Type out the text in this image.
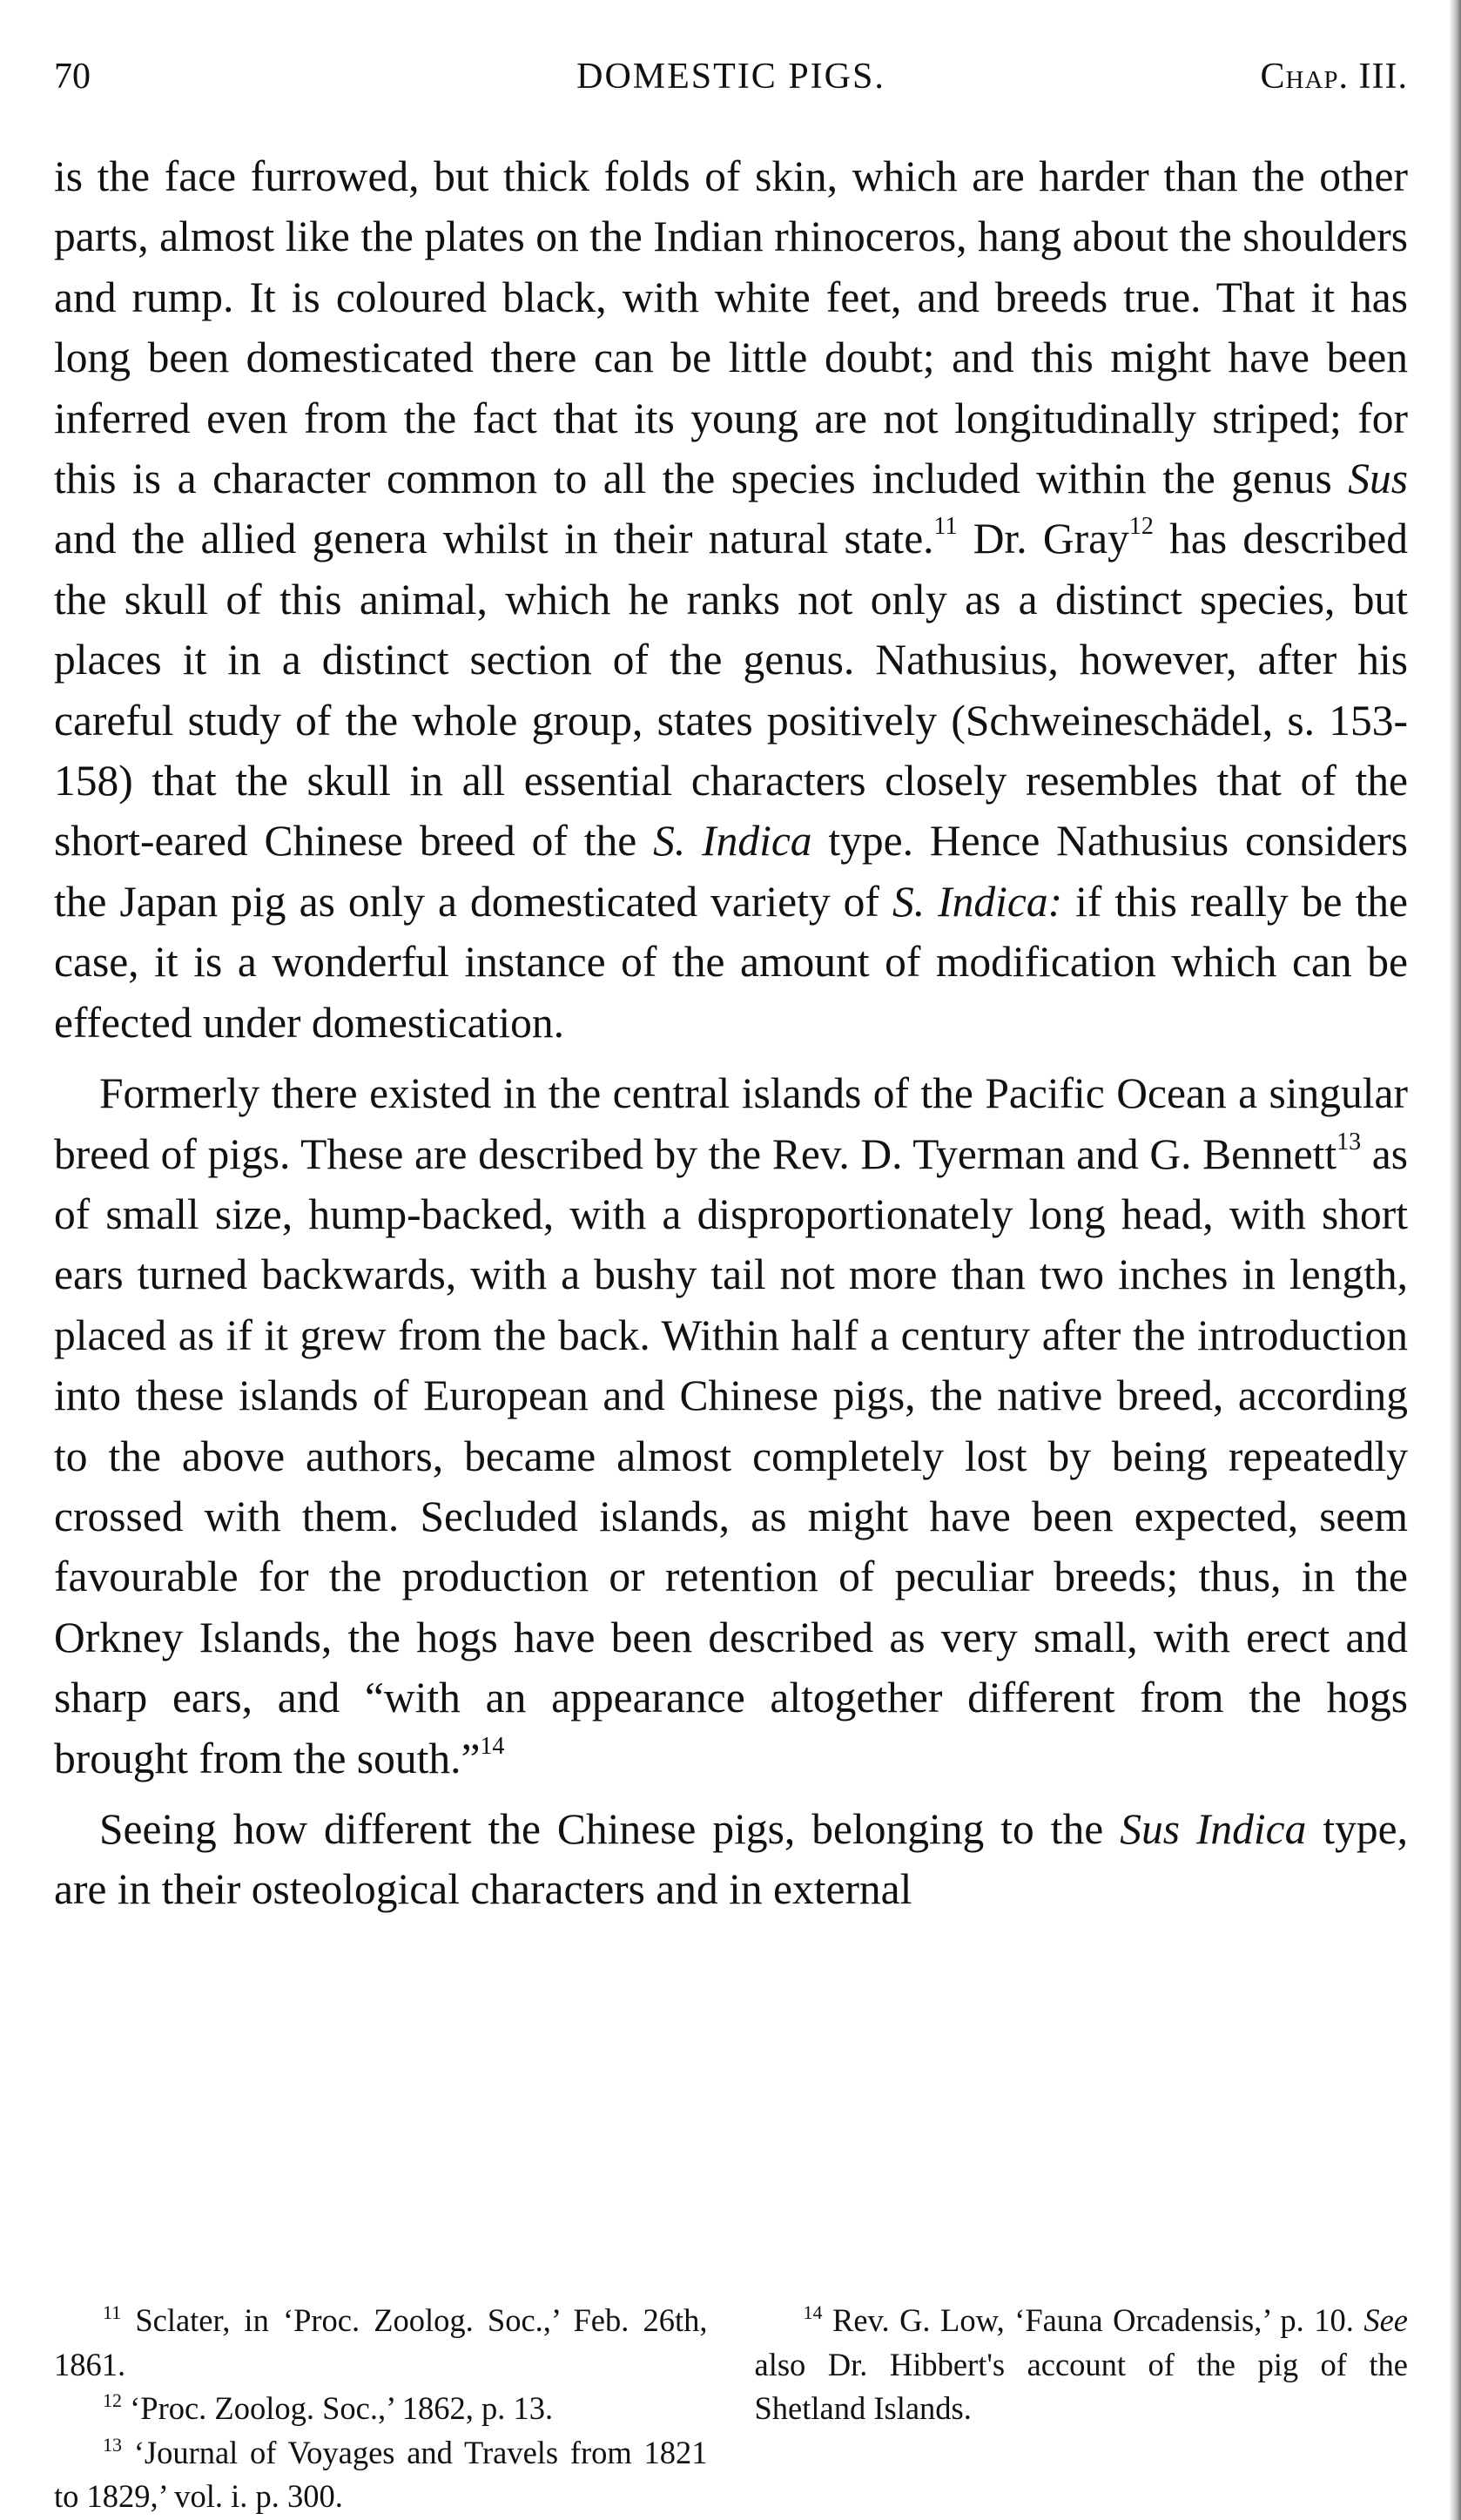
70	DOMESTIC PIGS.	Chap. III.

is the face furrowed, but thick folds of skin, which are harder than the other parts, almost like the plates on the Indian rhinoceros, hang about the shoulders and rump. It is coloured black, with white feet, and breeds true. That it has long been domesticated there can be little doubt; and this might have been inferred even from the fact that its young are not longitudinally striped; for this is a character common to all the species included within the genus Sus and the allied genera whilst in their natural state.$^{11}$ Dr. Gray$^{12}$ has described the skull of this animal, which he ranks not only as a distinct species, but places it in a distinct section of the genus. Nathusius, however, after his careful study of the whole group, states positively (Schweineschädel, s. 153-158) that the skull in all essential characters closely resembles that of the short-eared Chinese breed of the S. Indica type. Hence Nathusius considers the Japan pig as only a domesticated variety of S. Indica: if this really be the case, it is a wonderful instance of the amount of modification which can be effected under domestication.

Formerly there existed in the central islands of the Pacific Ocean a singular breed of pigs. These are described by the Rev. D. Tyerman and G. Bennett$^{13}$ as of small size, hump-backed, with a disproportionately long head, with short ears turned backwards, with a bushy tail not more than two inches in length, placed as if it grew from the back. Within half a century after the introduction into these islands of European and Chinese pigs, the native breed, according to the above authors, became almost completely lost by being repeatedly crossed with them. Secluded islands, as might have been expected, seem favourable for the production or retention of peculiar breeds; thus, in the Orkney Islands, the hogs have been described as very small, with erect and sharp ears, and “with an appearance altogether different from the hogs brought from the south.”$^{14}$

Seeing how different the Chinese pigs, belonging to the Sus Indica type, are in their osteological characters and in external

$^{11}$ Sclater, in ‘Proc. Zoolog. Soc.,’ Feb. 26th, 1861.

$^{12}$ ‘Proc. Zoolog. Soc.,’ 1862, p. 13.

$^{13}$ ‘Journal of Voyages and Travels from 1821 to 1829,’ vol. i. p. 300.

$^{14}$ Rev. G. Low, ‘Fauna Orcadensis,’ p. 10. See also Dr. Hibbert's account of the pig of the Shetland Islands.
